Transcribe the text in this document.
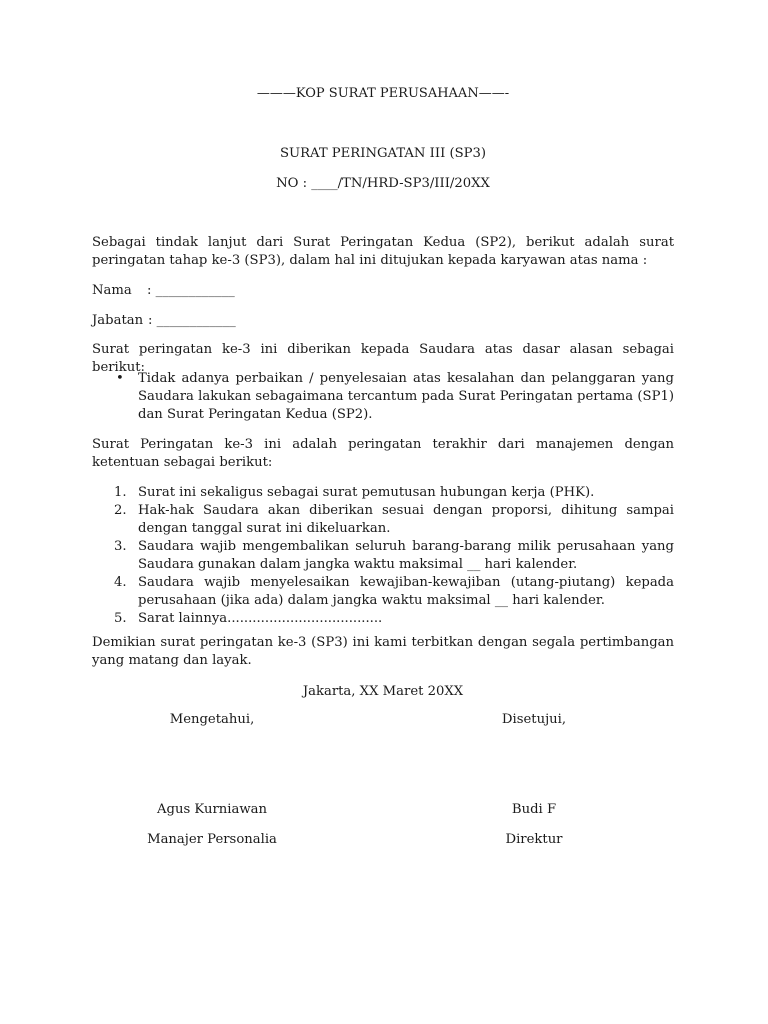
———KOP SURAT PERUSAHAAN——-
SURAT PERINGATAN III (SP3)
NO : ____/TN/HRD-SP3/III/20XX
Sebagai tindak lanjut dari Surat Peringatan Kedua (SP2), berikut adalah surat peringatan tahap ke-3 (SP3), dalam hal ini ditujukan kepada karyawan atas nama :
Nama : ____________
Jabatan : ____________
Surat peringatan ke-3 ini diberikan kepada Saudara atas dasar alasan sebagai berikut:
• Tidak adanya perbaikan / penyelesaian atas kesalahan dan pelanggaran yang Saudara lakukan sebagaimana tercantum pada Surat Peringatan pertama (SP1) dan Surat Peringatan Kedua (SP2).
Surat Peringatan ke-3 ini adalah peringatan terakhir dari manajemen dengan ketentuan sebagai berikut:
1. Surat ini sekaligus sebagai surat pemutusan hubungan kerja (PHK).
2. Hak-hak Saudara akan diberikan sesuai dengan proporsi, dihitung sampai dengan tanggal surat ini dikeluarkan.
3. Saudara wajib mengembalikan seluruh barang-barang milik perusahaan yang Saudara gunakan dalam jangka waktu maksimal __ hari kalender.
4. Saudara wajib menyelesaikan kewajiban-kewajiban (utang-piutang) kepada perusahaan (jika ada) dalam jangka waktu maksimal __ hari kalender.
5. Sarat lainnya.....................................
Demikian surat peringatan ke-3 (SP3) ini kami terbitkan dengan segala pertimbangan yang matang dan layak.
Jakarta, XX Maret 20XX
Mengetahui,
Agus Kurniawan
Manajer Personalia
Disetujui,
Budi F
Direktur
